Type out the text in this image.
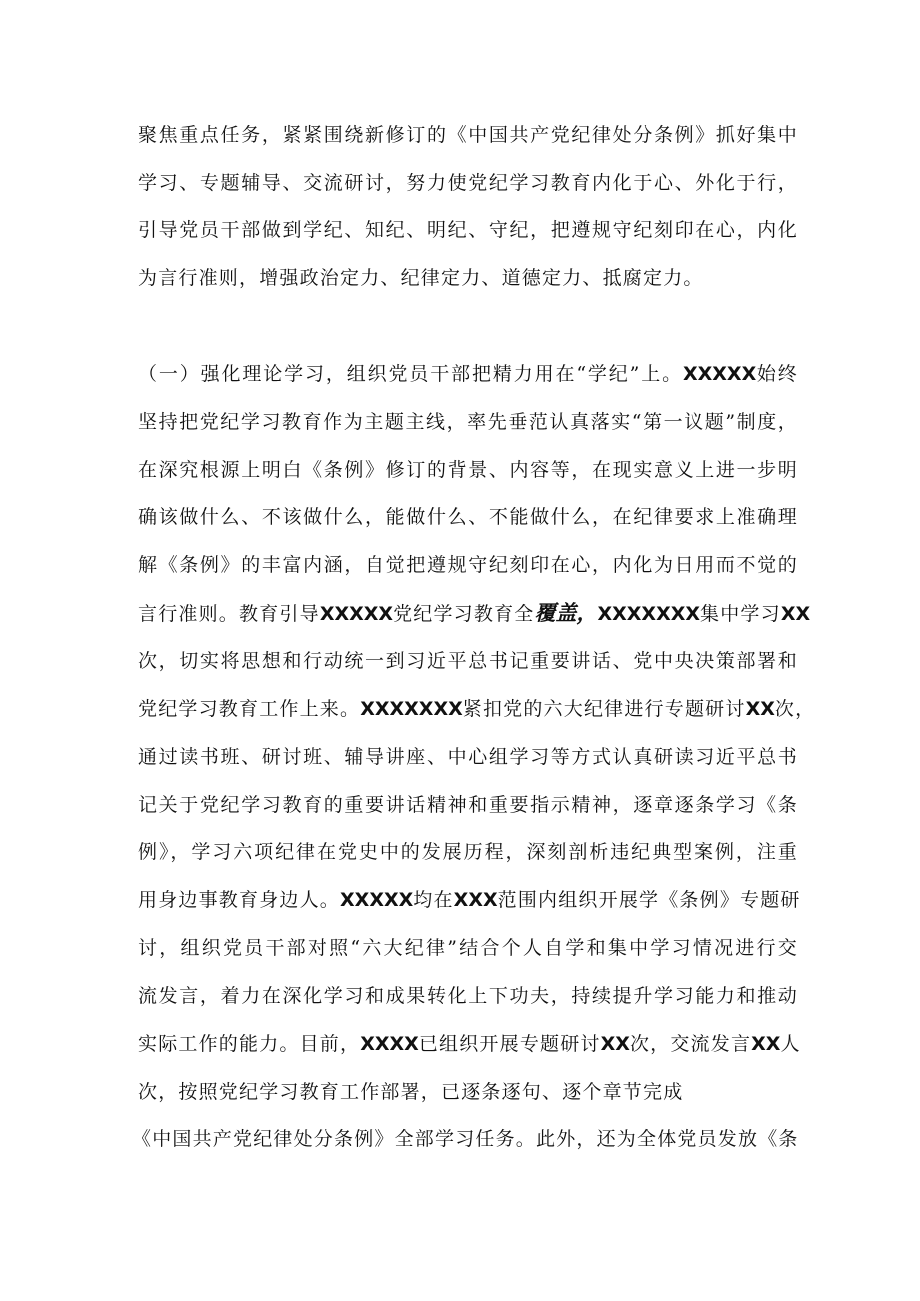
聚焦重点任务，紧紧围绕新修订的《中国共产党纪律处分条例》抓好集中
学习、专题辅导、交流研讨，努力使党纪学习教育内化于心、外化于行，
引导党员干部做到学纪、知纪、明纪、守纪，把遵规守纪刻印在心，内化
为言行准则，增强政治定力、纪律定力、道德定力、抵腐定力。
（一）强化理论学习，组织党员干部把精力用在“学纪”上。XXXXX始终
坚持把党纪学习教育作为主题主线，率先垂范认真落实“第一议题”制度，
在深究根源上明白《条例》修订的背景、内容等，在现实意义上进一步明
确该做什么、不该做什么，能做什么、不能做什么，在纪律要求上准确理
解《条例》的丰富内涵，自觉把遵规守纪刻印在心，内化为日用而不觉的
言行准则。教育引导XXXXX党纪学习教育全覆盖，XXXXXXX集中学习XX
次，切实将思想和行动统一到习近平总书记重要讲话、党中央决策部署和
党纪学习教育工作上来。XXXXXXX紧扣党的六大纪律进行专题研讨XX次，
通过读书班、研讨班、辅导讲座、中心组学习等方式认真研读习近平总书
记关于党纪学习教育的重要讲话精神和重要指示精神，逐章逐条学习《条
例》，学习六项纪律在党史中的发展历程，深刻剖析违纪典型案例，注重
用身边事教育身边人。XXXXX均在XXX范围内组织开展学《条例》专题研
讨，组织党员干部对照“六大纪律”结合个人自学和集中学习情况进行交
流发言，着力在深化学习和成果转化上下功夫，持续提升学习能力和推动
实际工作的能力。目前，XXXX已组织开展专题研讨XX次，交流发言XX人
次，按照党纪学习教育工作部署，已逐条逐句、逐个章节完成
《中国共产党纪律处分条例》全部学习任务。此外，还为全体党员发放《条
